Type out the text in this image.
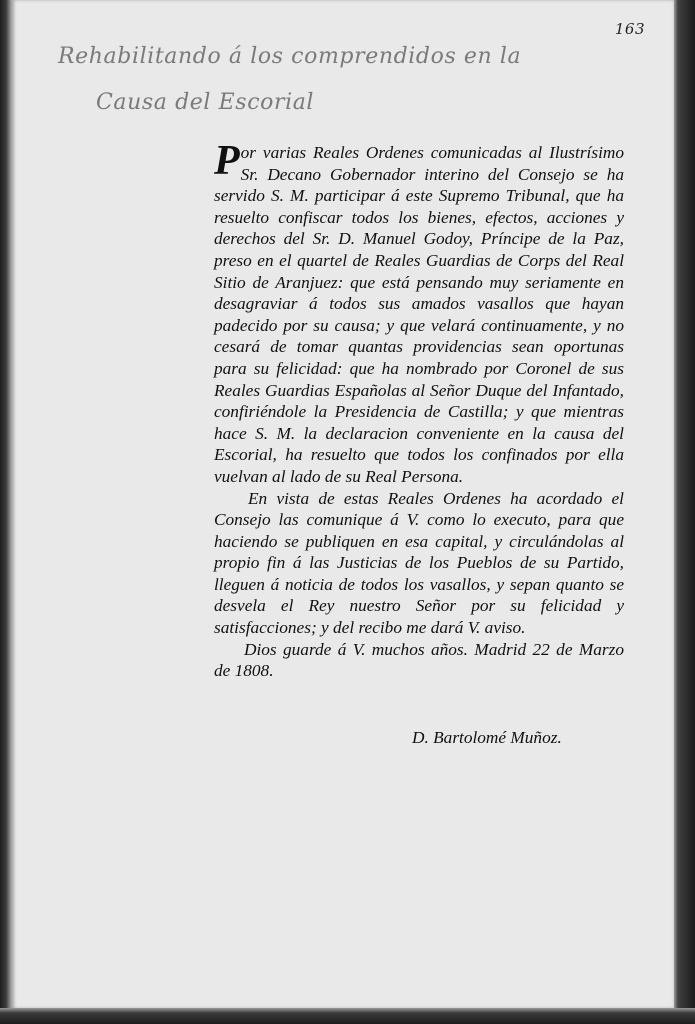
163
Rehabilitando á los comprendidos en la
Causa del Escorial

Por varias Reales Ordenes comunicadas al Ilustrísimo Sr. Decano Gobernador interino del Consejo se ha servido S. M. participar á este Supremo Tribunal, que ha resuelto confiscar todos los bienes, efectos, acciones y derechos del Sr. D. Manuel Godoy, Príncipe de la Paz, preso en el quartel de Reales Guardias de Corps del Real Sitio de Aranjuez: que está pensando muy seriamente en desagraviar á todos sus amados vasallos que hayan padecido por su causa; y que velará continuamente, y no cesará de tomar quantas providencias sean oportunas para su felicidad: que ha nombrado por Coronel de sus Reales Guardias Españolas al Señor Duque del Infantado, confiriéndole la Presidencia de Castilla; y que mientras hace S. M. la declaracion conveniente en la causa del Escorial, ha resuelto que todos los confinados por ella vuelvan al lado de su Real Persona.

En vista de estas Reales Ordenes ha acordado el Consejo las comunique á V. como lo executo, para que haciendo se publiquen en esa capital, y circulándolas al propio fin á las Justicias de los Pueblos de su Partido, lleguen á noticia de todos los vasallos, y sepan quanto se desvela el Rey nuestro Señor por su felicidad y satisfacciones; y del recibo me dará V. aviso.

Dios guarde á V. muchos años. Madrid 22 de Marzo de 1808.

D. Bartolomé Muñoz.
